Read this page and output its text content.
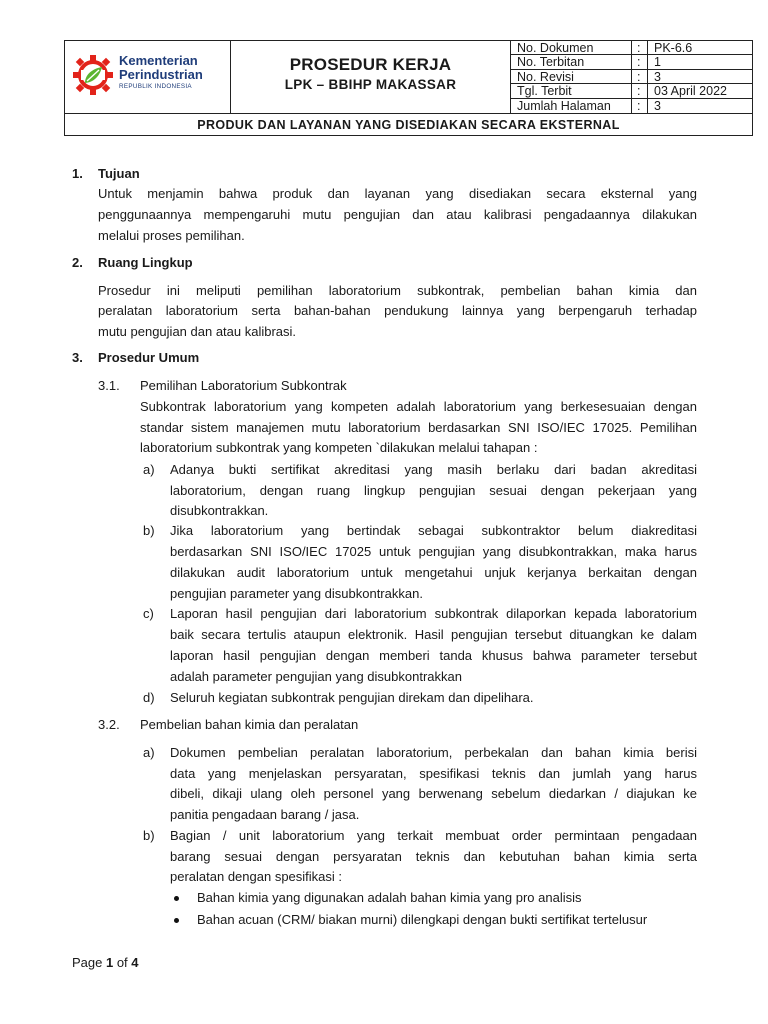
Kementerian
Perindustrian
REPUBLIK INDONESIA
PROSEDUR KERJA
LPK – BBIHP MAKASSAR
No. Dokumen	: PK-6.6
No. Terbitan	: 1
No. Revisi	: 3
Tgl. Terbit	: 03 April 2022
Jumlah Halaman : 3
PRODUK DAN LAYANAN YANG DISEDIAKAN SECARA EKSTERNAL
1. Tujuan
Untuk menjamin bahwa produk dan layanan yang disediakan secara eksternal yang
penggunaannya mempengaruhi mutu pengujian dan atau kalibrasi pengadaannya dilakukan
melalui proses pemilihan.
2. Ruang Lingkup
Prosedur ini meliputi pemilihan laboratorium subkontrak, pembelian bahan kimia dan
peralatan laboratorium serta bahan-bahan pendukung lainnya yang berpengaruh terhadap
mutu pengujian dan atau kalibrasi.
3. Prosedur Umum
3.1. Pemilihan Laboratorium Subkontrak
Subkontrak laboratorium yang kompeten adalah laboratorium yang berkesesuaian dengan
standar sistem manajemen mutu laboratorium berdasarkan SNI ISO/IEC 17025. Pemilihan
laboratorium subkontrak yang kompeten `dilakukan melalui tahapan :
a) Adanya bukti sertifikat akreditasi yang masih berlaku dari badan akreditasi
laboratorium, dengan ruang lingkup pengujian sesuai dengan pekerjaan yang
disubkontrakkan.
b) Jika laboratorium yang bertindak sebagai subkontraktor belum diakreditasi
berdasarkan SNI ISO/IEC 17025 untuk pengujian yang disubkontrakkan, maka harus
dilakukan audit laboratorium untuk mengetahui unjuk kerjanya berkaitan dengan
pengujian parameter yang disubkontrakkan.
c) Laporan hasil pengujian dari laboratorium subkontrak dilaporkan kepada laboratorium
baik secara tertulis ataupun elektronik. Hasil pengujian tersebut dituangkan ke dalam
laporan hasil pengujian dengan memberi tanda khusus bahwa parameter tersebut
adalah parameter pengujian yang disubkontrakkan
d) Seluruh kegiatan subkontrak pengujian direkam dan dipelihara.
3.2. Pembelian bahan kimia dan peralatan
a) Dokumen pembelian peralatan laboratorium, perbekalan dan bahan kimia berisi
data yang menjelaskan persyaratan, spesifikasi teknis dan jumlah yang harus
dibeli, dikaji ulang oleh personel yang berwenang sebelum diedarkan / diajukan ke
panitia pengadaan barang / jasa.
b) Bagian / unit laboratorium yang terkait membuat order permintaan pengadaan
barang sesuai dengan persyaratan teknis dan kebutuhan bahan kimia serta
peralatan dengan spesifikasi :
Bahan kimia yang digunakan adalah bahan kimia yang pro analisis
Bahan acuan (CRM/ biakan murni) dilengkapi dengan bukti sertifikat tertelusur
Page 1 of 4
